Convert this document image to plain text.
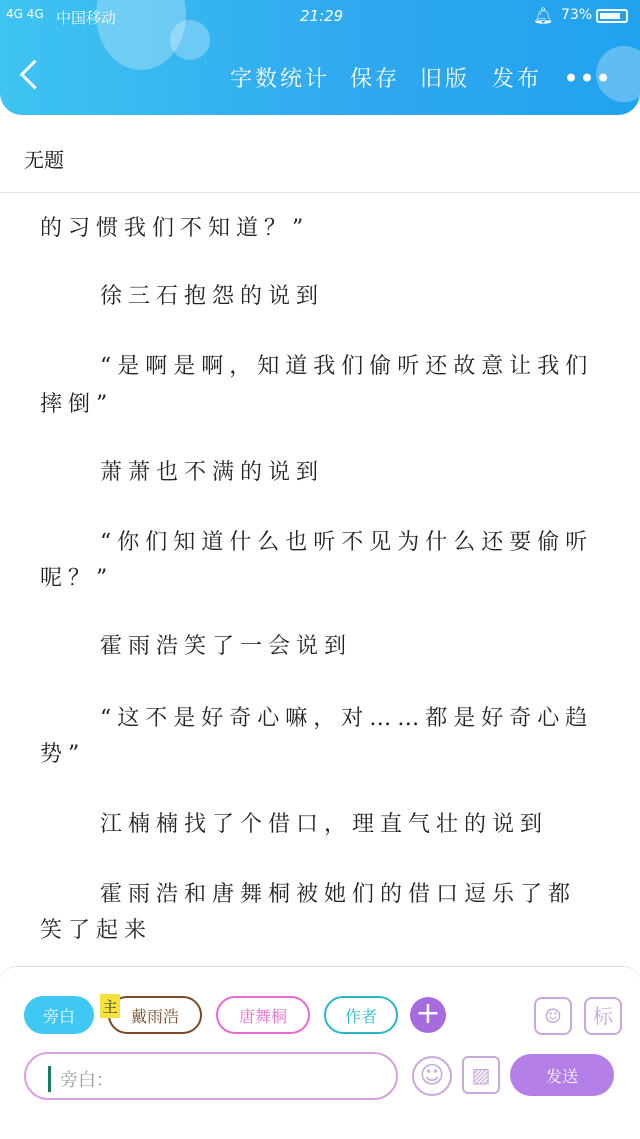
4G 4G 中国移动	21:29	🔔︎ 73%
字数统计 保存 旧版 发布 •••
无题
的习惯我们不知道？”
徐三石抱怨的说到
“是啊是啊，知道我们偷听还故意让我们
摔倒”
萧萧也不满的说到
“你们知道什么也听不见为什么还要偷听
呢？”
霍雨浩笑了一会说到
“这不是好奇心嘛，对……都是好奇心趋
势”
江楠楠找了个借口，理直气壮的说到
霍雨浩和唐舞桐被她们的借口逗乐了都
笑了起来
旁白	戴雨浩
主	唐舞桐	作者	+	☺	标
旁白：	☺	▨	发送
